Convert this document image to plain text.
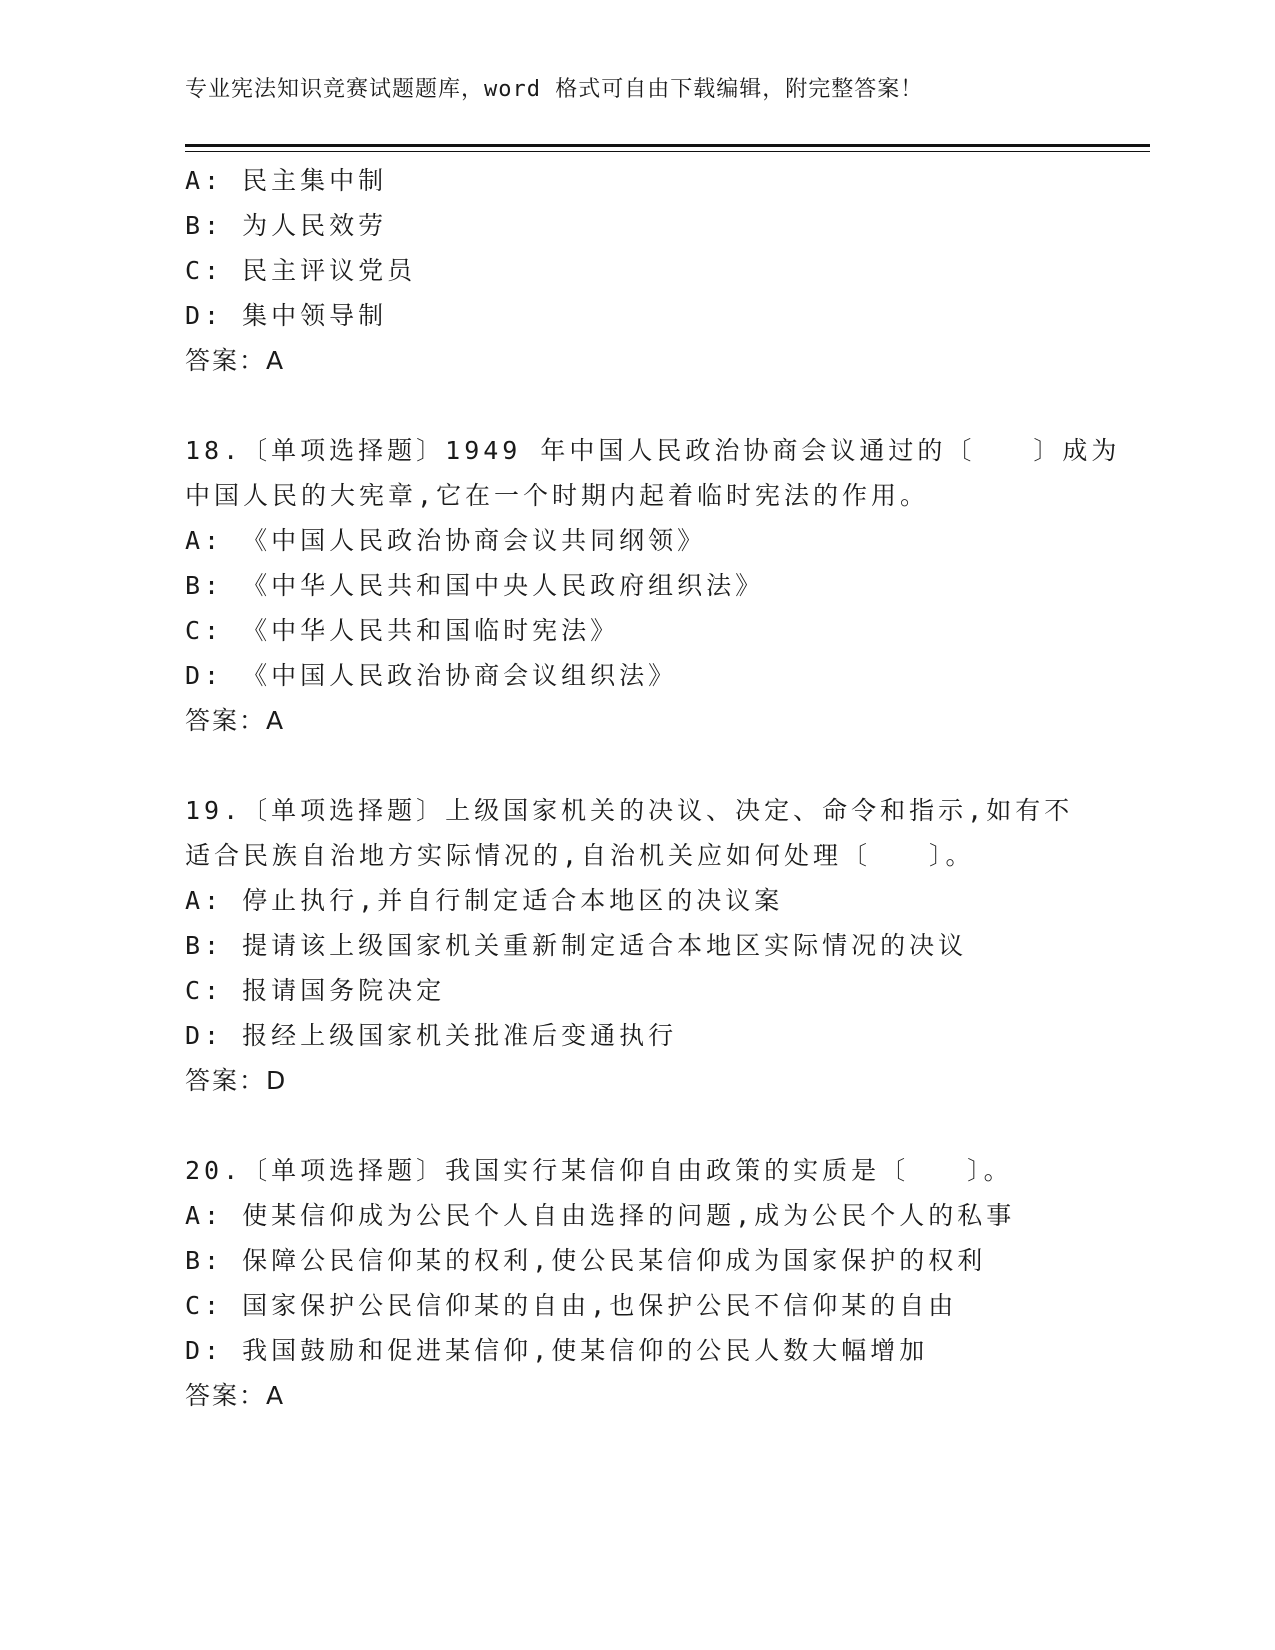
专业宪法知识竞赛试题题库，word 格式可自由下载编辑，附完整答案！
A: 民主集中制
B: 为人民效劳
C: 民主评议党员
D: 集中领导制
答案：A
18.〔单项选择题〕1949 年中国人民政治协商会议通过的〔　　〕成为
中国人民的大宪章,它在一个时期内起着临时宪法的作用。
A: 《中国人民政治协商会议共同纲领》
B: 《中华人民共和国中央人民政府组织法》
C: 《中华人民共和国临时宪法》
D: 《中国人民政治协商会议组织法》
答案：A
19.〔单项选择题〕上级国家机关的决议、决定、命令和指示,如有不
适合民族自治地方实际情况的,自治机关应如何处理〔　　〕。
A: 停止执行,并自行制定适合本地区的决议案
B: 提请该上级国家机关重新制定适合本地区实际情况的决议
C: 报请国务院决定
D: 报经上级国家机关批准后变通执行
答案：D
20.〔单项选择题〕我国实行某信仰自由政策的实质是〔　　〕。
A: 使某信仰成为公民个人自由选择的问题,成为公民个人的私事
B: 保障公民信仰某的权利,使公民某信仰成为国家保护的权利
C: 国家保护公民信仰某的自由,也保护公民不信仰某的自由
D: 我国鼓励和促进某信仰,使某信仰的公民人数大幅增加
答案：A
